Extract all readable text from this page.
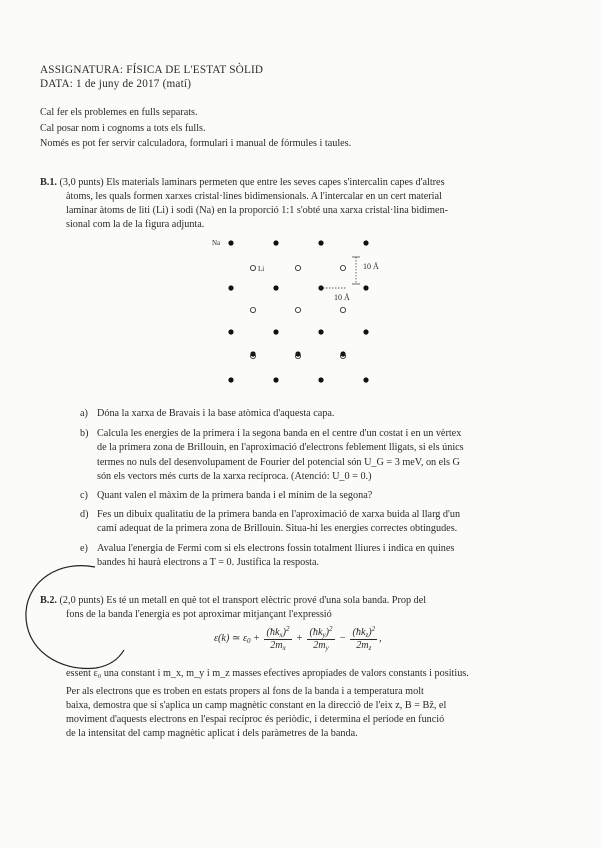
ASSIGNATURA: FÍSICA DE L'ESTAT SÒLID
DATA: 1 de juny de 2017 (matí)
Cal fer els problemes en fulls separats.
Cal posar nom i cognoms a tots els fulls.
Només es pot fer servir calculadora, formulari i manual de fórmules i taules.
B.1. (3,0 punts) Els materials laminars permeten que entre les seves capes s'intercalin capes d'altres
àtoms, les quals formen xarxes cristal·lines bidimensionals. A l'intercalar en un cert material
laminar àtoms de liti (Li) i sodi (Na) en la proporció 1:1 s'obté una xarxa cristal·lina bidimen-
sional com la de la figura adjunta.
Na
Li	10 Å
10 Å
a) Dóna la xarxa de Bravais i la base atòmica d'aquesta capa.
b) Calcula les energies de la primera i la segona banda en el centre d'un costat i en un vèrtex
de la primera zona de Brillouin, en l'aproximació d'electrons feblement lligats, si els únics
termes no nuls del desenvolupament de Fourier del potencial són U_G = 3 meV, on els G
són els vectors més curts de la xarxa recíproca. (Atenció: U_0 = 0.)
c) Quant valen el màxim de la primera banda i el mínim de la segona?
d) Fes un dibuix qualitatiu de la primera banda en l'aproximació de xarxa buida al llarg d'un
camí adequat de la primera zona de Brillouin. Situa-hi les energies correctes obtingudes.
e) Avalua l'energia de Fermi com si els electrons fossin totalment lliures i indica en quines
bandes hi haurà electrons a T = 0. Justifica la resposta.
B.2. (2,0 punts) Es té un metall en què tot el transport elèctric prové d'una sola banda. Prop del
fons de la banda l'energia es pot aproximar mitjançant l'expressió
ε(k) ≃ $\varepsilon_0 + \frac{(ħk_x)^2}{2m_x} + \frac{(ħk_y)^2}{2m_y} - \frac{(ħk_z)^2}{2m_z}$ ,
essent ε₀ una constant i m_x, m_y i m_z masses efectives apropiades de valors constants i positius.
Per als electrons que es troben en estats propers al fons de la banda i a temperatura molt
baixa, demostra que si s'aplica un camp magnètic constant en la direcció de l'eix z, B = Bẑ, el
moviment d'aquests electrons en l'espai recíproc és periòdic, i determina el període en funció
de la intensitat del camp magnètic aplicat i dels paràmetres de la banda.
